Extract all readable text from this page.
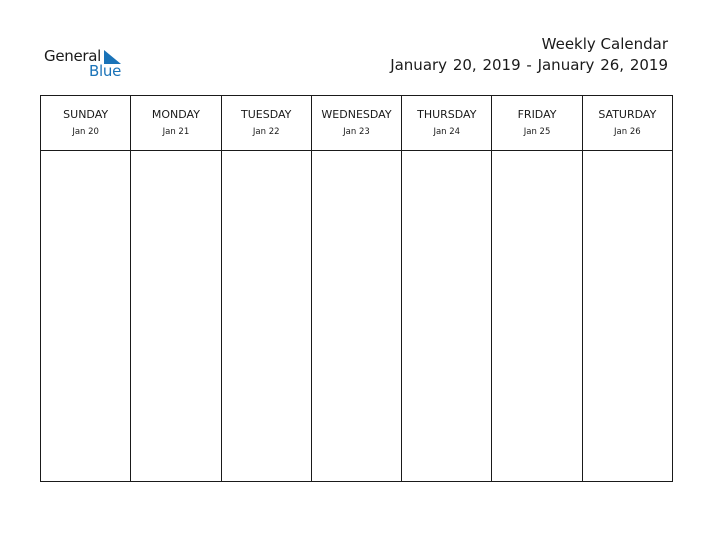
General
Blue
Weekly Calendar
January 20, 2019 - January 26, 2019
SUNDAY
Jan 20
MONDAY
Jan 21
TUESDAY
Jan 22
WEDNESDAY
Jan 23
THURSDAY
Jan 24
FRIDAY
Jan 25
SATURDAY
Jan 26
